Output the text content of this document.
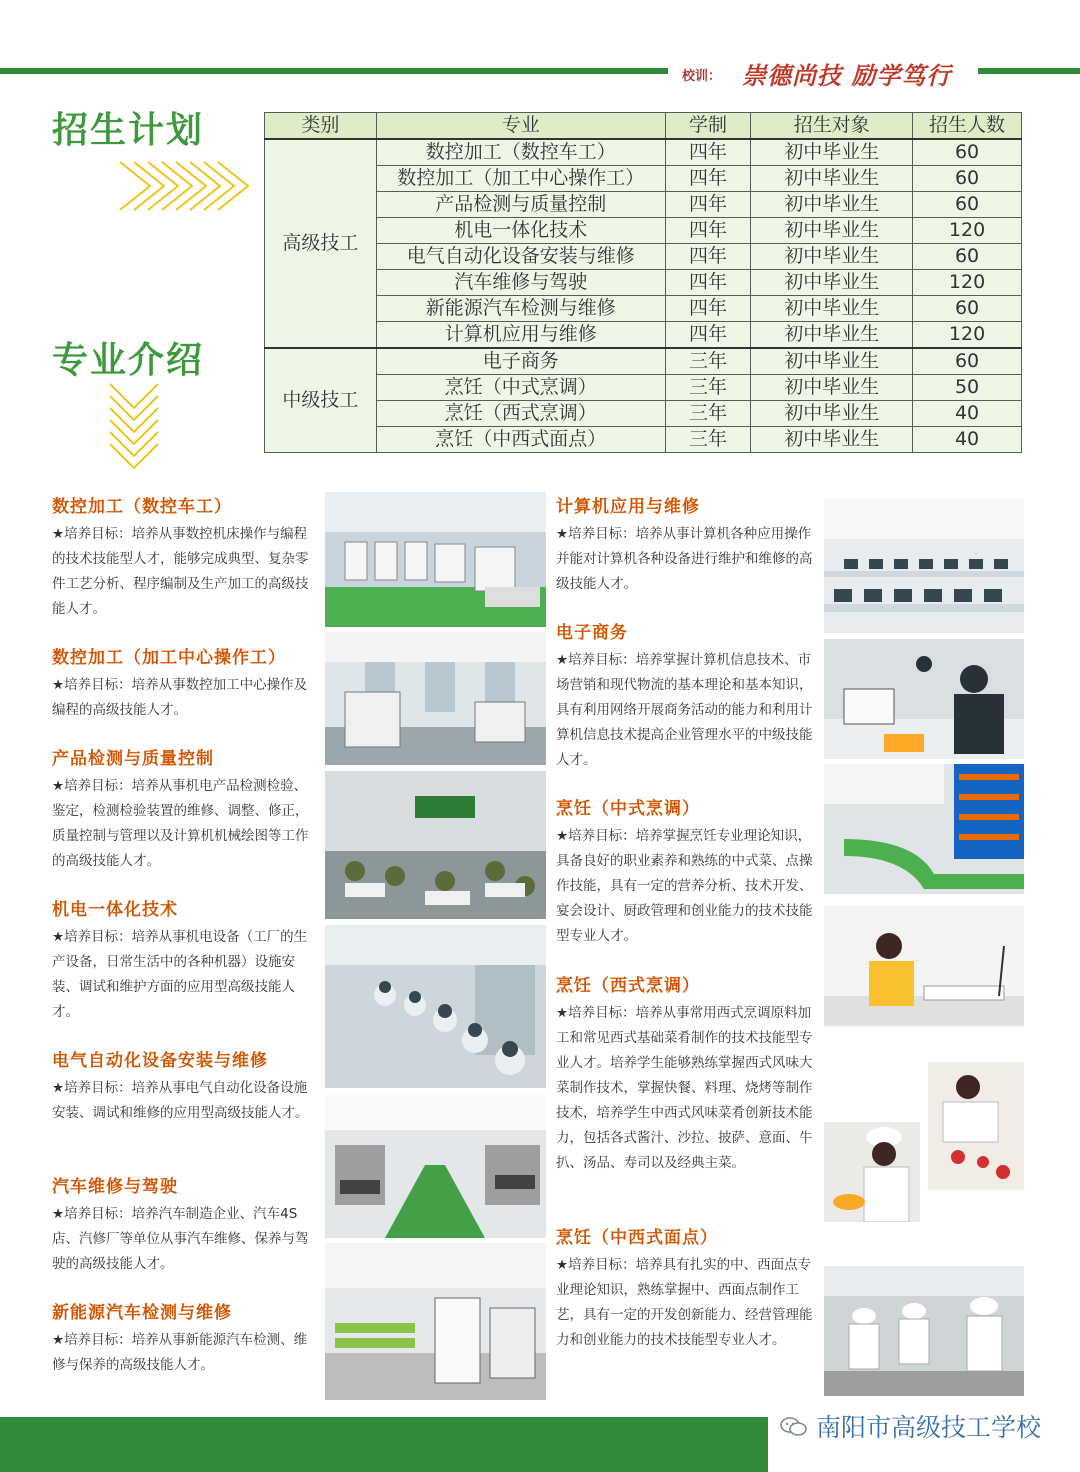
校训： 崇德尚技 励学笃行
招生计划
专业介绍
类别	专业	学制	招生对象	招生人数
高级技工	数控加工（数控车工）	四年	初中毕业生	60
	数控加工（加工中心操作工）	四年	初中毕业生	60
	产品检测与质量控制	四年	初中毕业生	60
	机电一体化技术	四年	初中毕业生	120
	电气自动化设备安装与维修	四年	初中毕业生	60
	汽车维修与驾驶	四年	初中毕业生	120
	新能源汽车检测与维修	四年	初中毕业生	60
	计算机应用与维修	四年	初中毕业生	120
中级技工	电子商务	三年	初中毕业生	60
	烹饪（中式烹调）	三年	初中毕业生	50
	烹饪（西式烹调）	三年	初中毕业生	40
	烹饪（中西式面点）	三年	初中毕业生	40
数控加工（数控车工）

★培养目标：培养从事数控机床操作与编程的技术技能型人才，能够完成典型、复杂零件工艺分析、程序编制及生产加工的高级技能人才。

数控加工（加工中心操作工）

★培养目标：培养从事数控加工中心操作及编程的高级技能人才。

产品检测与质量控制

★培养目标：培养从事机电产品检测检验、鉴定，检测检验装置的维修、调整、修正，质量控制与管理以及计算机机械绘图等工作的高级技能人才。

机电一体化技术

★培养目标：培养从事机电设备（工厂的生产设备，日常生活中的各种机器）设施安装、调试和维护方面的应用型高级技能人才。

电气自动化设备安装与维修

★培养目标：培养从事电气自动化设备设施安装、调试和维修的应用型高级技能人才。

汽车维修与驾驶

★培养目标：培养汽车制造企业、汽车4S店、汽修厂等单位从事汽车维修、保养与驾驶的高级技能人才。

新能源汽车检测与维修

★培养目标：培养从事新能源汽车检测、维修与保养的高级技能人才。

计算机应用与维修

★培养目标：培养从事计算机各种应用操作并能对计算机各种设备进行维护和维修的高级技能人才。

电子商务

★培养目标：培养掌握计算机信息技术、市场营销和现代物流的基本理论和基本知识，具有利用网络开展商务活动的能力和利用计算机信息技术提高企业管理水平的中级技能人才。

烹饪（中式烹调）

★培养目标：培养掌握烹饪专业理论知识，具备良好的职业素养和熟练的中式菜、点操作技能，具有一定的营养分析、技术开发、宴会设计、厨政管理和创业能力的技术技能型专业人才。

烹饪（西式烹调）

★培养目标：培养从事常用西式烹调原料加工和常见西式基础菜肴制作的技术技能型专业人才。培养学生能够熟练掌握西式风味大菜制作技术，掌握快餐、料理、烧烤等制作技术，培养学生中西式风味菜肴创新技术能力，包括各式酱汁、沙拉、披萨、意面、牛扒、汤品、寿司以及经典主菜。

烹饪（中西式面点）

★培养目标：培养具有扎实的中、西面点专业理论知识，熟练掌握中、西面点制作工艺，具有一定的开发创新能力、经营管理能力和创业能力的技术技能型专业人才。

南阳市高级技工学校
